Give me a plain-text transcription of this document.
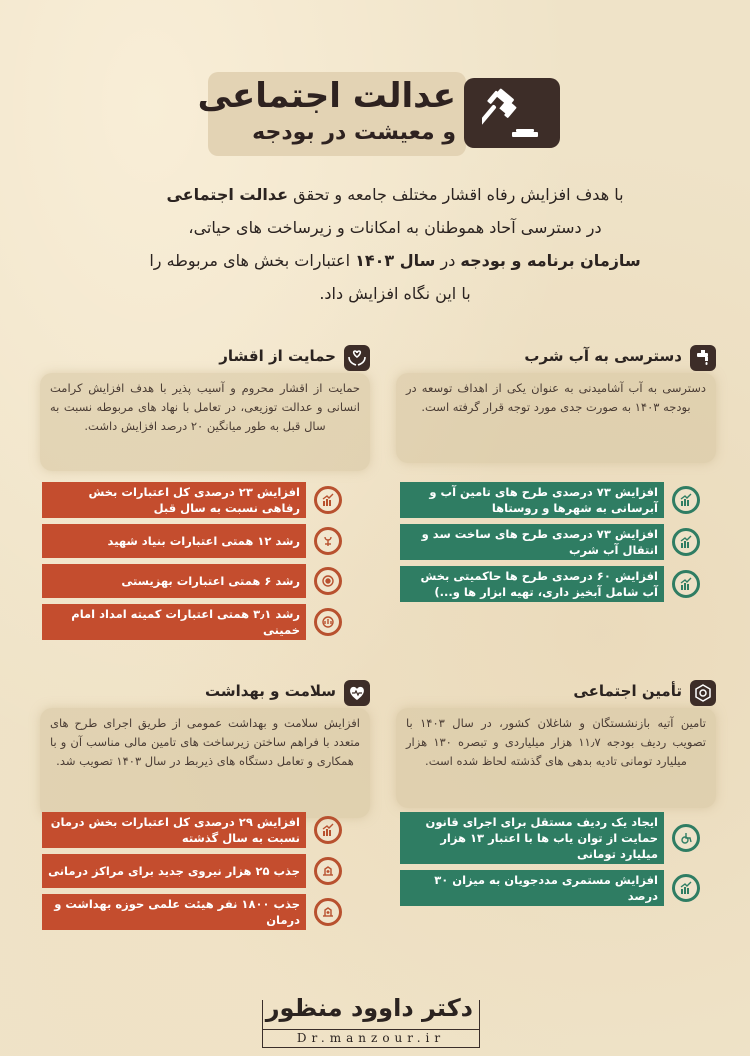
عدالت اجتماعی
و معیشت در بودجه
با هدف افزایش رفاه اقشار مختلف جامعه و تحقق عدالت اجتماعی
در دسترسی آحاد هموطنان به امکانات و زیرساخت های حیاتی،
سازمان برنامه و بودجه در سال ۱۴۰۳ اعتبارات بخش های مربوطه را
با این نگاه افزایش داد.
دسترسی به آب شرب
دسترسی به آب آشامیدنی به عنوان یکی از اهداف توسعه در بودجه ۱۴۰۳ به صورت جدی مورد توجه قرار گرفته است.
افزایش ۷۳ درصدی طرح های تامین آب و آبرسانی به شهرها و روستاها
افزایش ۷۳ درصدی طرح های ساخت سد و انتقال آب شرب
افزایش ۶۰ درصدی طرح ها حاکمیتی بخش آب شامل آبخیز داری، تهیه ابزار ها و...)
حمایت از اقشار
حمایت از اقشار محروم و آسیب پذیر با هدف افزایش کرامت انسانی و عدالت توزیعی، در تعامل با نهاد های مربوطه نسبت به سال قبل به طور میانگین ۲۰ درصد افزایش داشت.
افزایش ۲۳ درصدی کل اعتبارات بخش رفاهی نسبت به سال قبل
رشد ۱۲ همتی اعتبارات بنیاد شهید
رشد ۶ همتی اعتبارات بهزیستی
رشد ۳٫۱ همتی اعتبارات کمیته امداد امام خمینی
تأمین اجتماعی
تامین آتیه بازنشستگان و شاغلان کشور، در سال ۱۴۰۳ با تصویب ردیف بودجه ۱۱٫۷ هزار میلیاردی و تبصره ۱۳۰ هزار میلیارد تومانی تادیه بدهی های گذشته لحاظ شده است.
ایجاد یک ردیف مستقل برای اجرای قانون حمایت از توان یاب ها با اعتبار ۱۳ هزار میلیارد تومانی
افزایش مستمری مددجویان به میزان ۳۰ درصد
سلامت و بهداشت
افزایش سلامت و بهداشت عمومی از طریق اجرای طرح های متعدد با فراهم ساختن زیرساخت های تامین مالی مناسب آن و با همکاری و تعامل دستگاه های ذیربط در سال ۱۴۰۳ تصویب شد.
افزایش ۲۹ درصدی کل اعتبارات بخش درمان نسبت به سال گذشته
جذب ۲۵ هزار نیروی جدید برای مراکز درمانی
جذب ۱۸۰۰ نفر هیئت علمی حوزه بهداشت و درمان
دکتر داوود منظور
Dr.manzour.ir
